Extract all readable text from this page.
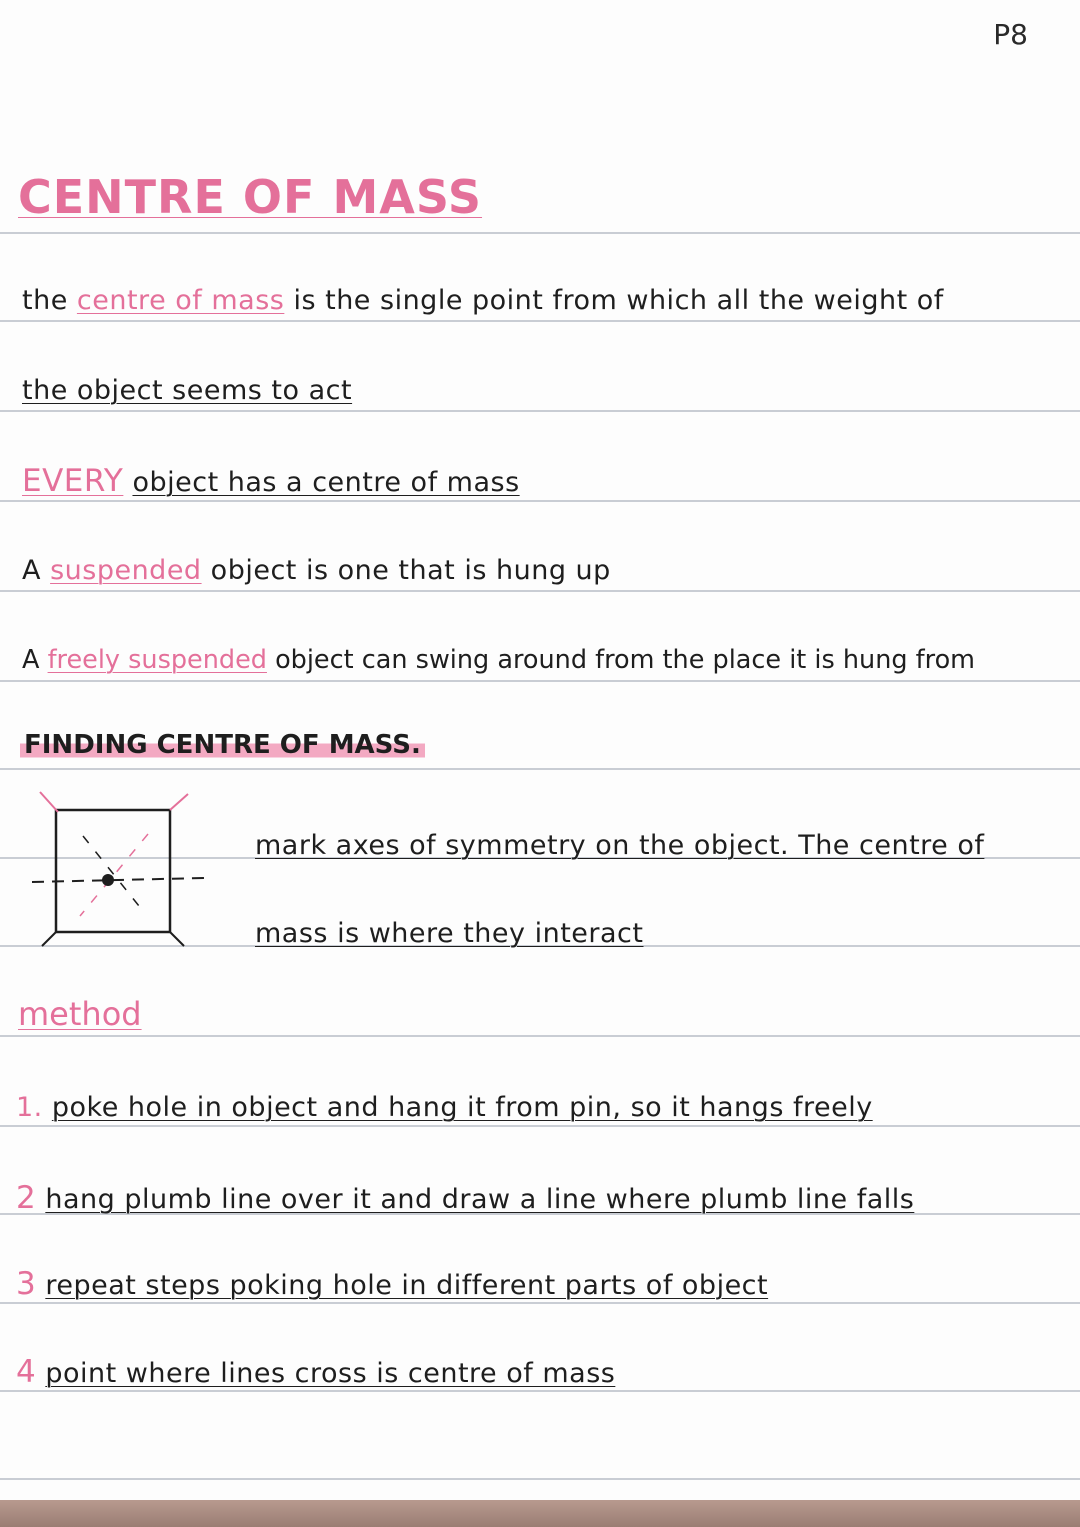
P8
CENTRE OF MASS
the centre of mass is the single point from which all the weight of
the object seems to act
EVERY object has a centre of mass
A suspended object is one that is hung up
A freely suspended object can swing around from the place it is hung from
FINDING CENTRE OF MASS.
mark axes of symmetry on the object. The centre of
mass is where they interact
method
1. poke hole in object and hang it from pin, so it hangs freely
2 hang plumb line over it and draw a line where plumb line falls
3 repeat steps poking hole in different parts of object
4 point where lines cross is centre of mass
